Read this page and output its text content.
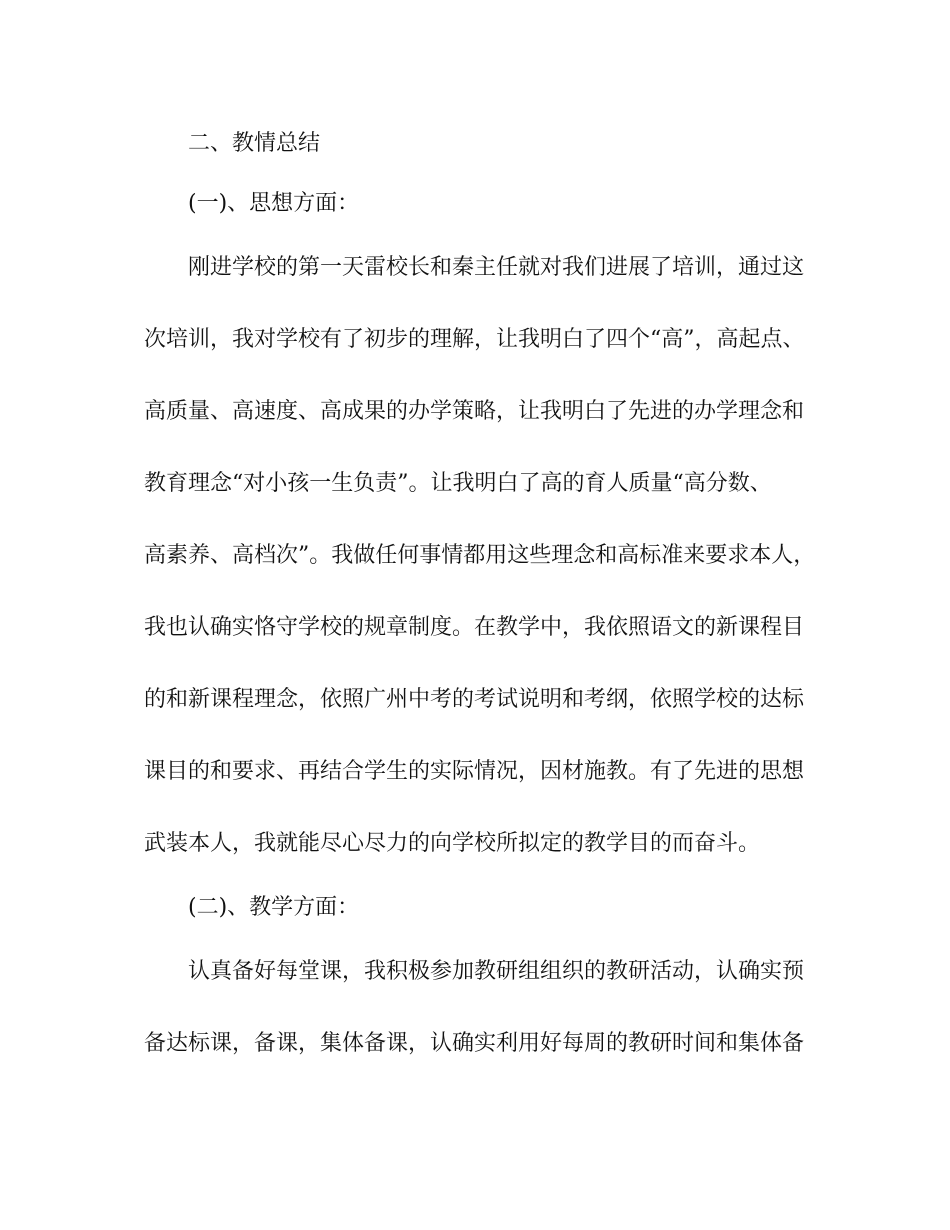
二、教情总结

(一)、思想方面：

刚进学校的第一天雷校长和秦主任就对我们进展了培训，通过这

次培训，我对学校有了初步的理解，让我明白了四个“高”，高起点、

高质量、高速度、高成果的办学策略，让我明白了先进的办学理念和

教育理念“对小孩一生负责”。让我明白了高的育人质量“高分数、

高素养、高档次”。我做任何事情都用这些理念和高标准来要求本人，

我也认确实恪守学校的规章制度。在教学中，我依照语文的新课程目

的和新课程理念，依照广州中考的考试说明和考纲，依照学校的达标

课目的和要求、再结合学生的实际情况，因材施教。有了先进的思想

武装本人，我就能尽心尽力的向学校所拟定的教学目的而奋斗。

(二)、教学方面：

认真备好每堂课，我积极参加教研组组织的教研活动，认确实预

备达标课，备课，集体备课，认确实利用好每周的教研时间和集体备
